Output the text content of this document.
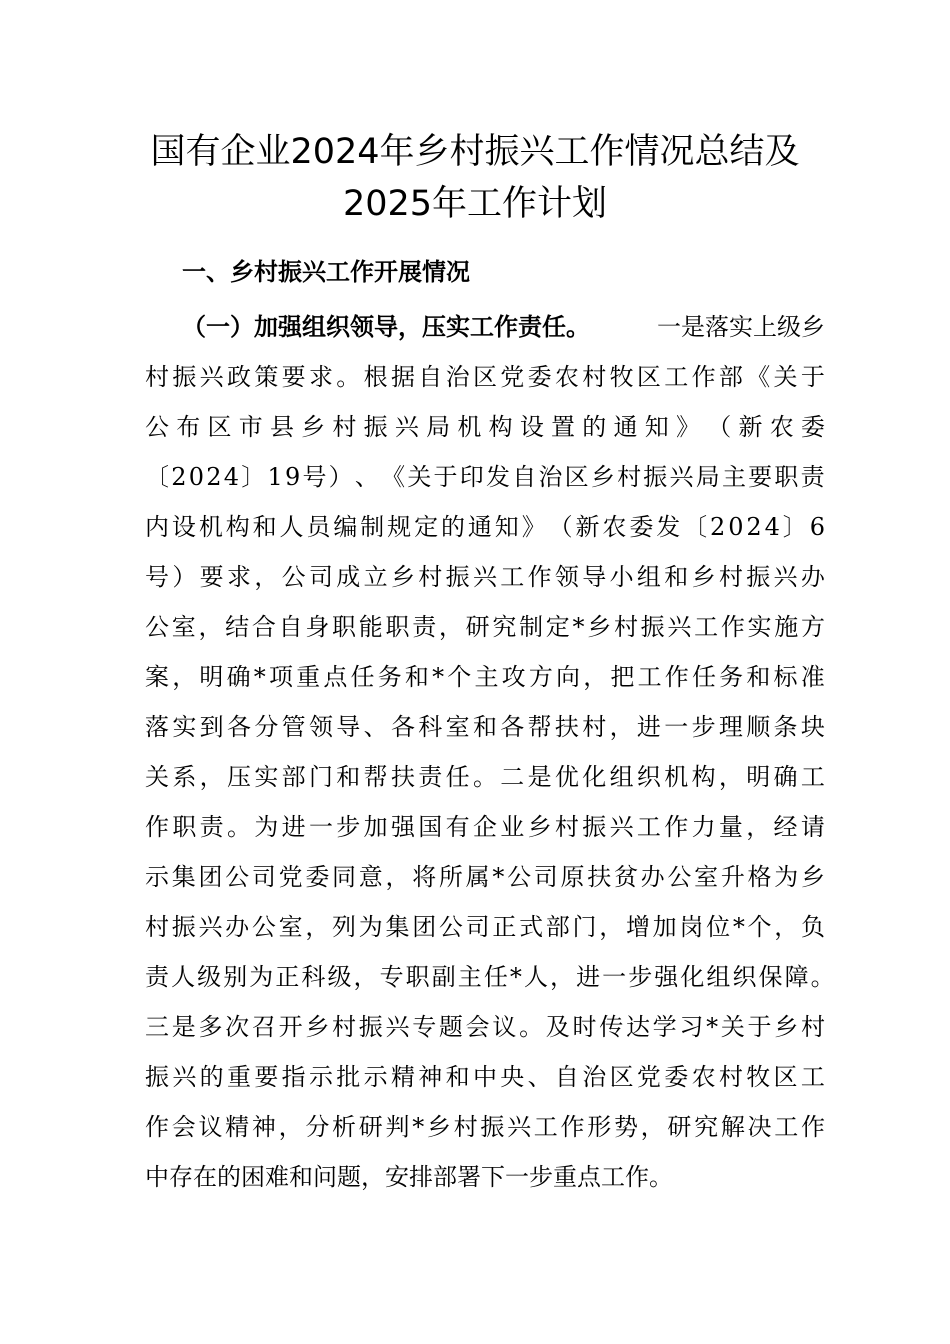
国有企业2024年乡村振兴工作情况总结及
2025年工作计划
一、乡村振兴工作开展情况
（一）加强组织领导，压实工作责任。	一是落实上级乡
村 振 兴 政 策 要 求 。 根 据 自 治 区 党 委 农 村 牧 区 工 作 部 《 关 于
公 布 区 市 县 乡 村 振 兴 局 机 构 设 置 的 通 知 》 （ 新 农 委
〔 2 0 2 4 〕 1 9 号 ） 、 《 关 于 印 发 自 治 区 乡 村 振 兴 局 主 要 职 责
内 设 机 构 和 人 员 编 制 规 定 的 通 知 》 （ 新 农 委 发 〔 2 0 2 4 〕 6
号 ） 要 求 ， 公 司 成 立 乡 村 振 兴 工 作 领 导 小 组 和 乡 村 振 兴 办
公 室 ， 结 合 自 身 职 能 职 责 ， 研 究 制 定 * 乡 村 振 兴 工 作 实 施 方
案 ， 明 确 * 项 重 点 任 务 和 * 个 主 攻 方 向 ， 把 工 作 任 务 和 标 准
落 实 到 各 分 管 领 导 、 各 科 室 和 各 帮 扶 村 ， 进 一 步 理 顺 条 块
关 系 ， 压 实 部 门 和 帮 扶 责 任 。 二 是 优 化 组 织 机 构 ， 明 确 工
作 职 责 。 为 进 一 步 加 强 国 有 企 业 乡 村 振 兴 工 作 力 量 ， 经 请
示 集 团 公 司 党 委 同 意 ， 将 所 属 * 公 司 原 扶 贫 办 公 室 升 格 为 乡
村 振 兴 办 公 室 ， 列 为 集 团 公 司 正 式 部 门 ， 增 加 岗 位 * 个 ， 负
责 人 级 别 为 正 科 级 ， 专 职 副 主 任 * 人 ， 进 一 步 强 化 组 织 保 障 。
三 是 多 次 召 开 乡 村 振 兴 专 题 会 议 。 及 时 传 达 学 习 * 关 于 乡 村
振 兴 的 重 要 指 示 批 示 精 神 和 中 央 、 自 治 区 党 委 农 村 牧 区 工
作 会 议 精 神 ， 分 析 研 判 * 乡 村 振 兴 工 作 形 势 ， 研 究 解 决 工 作
中存在的困难和问题，安排部署下一步重点工作。
